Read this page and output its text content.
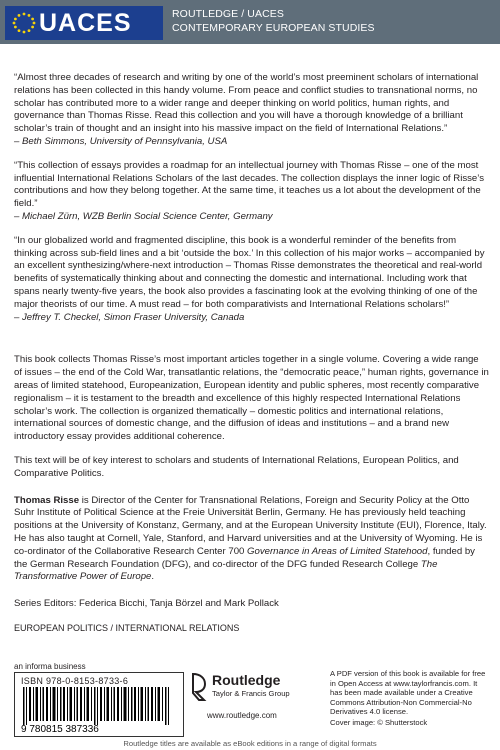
UACES	ROUTLEDGE / UACES
CONTEMPORARY EUROPEAN STUDIES

“Almost three decades of research and writing by one of the world’s most preeminent scholars of international relations has been collected in this handy volume. From peace and conflict studies to transnational norms, no scholar has contributed more to a wider range and deeper thinking on world politics, human rights, and governance than Thomas Risse. Read this collection and you will have a thorough knowledge of a brilliant scholar’s train of thought and an insight into his massive impact on the field of International Relations.”

– Beth Simmons, University of Pennsylvania, USA

“This collection of essays provides a roadmap for an intellectual journey with Thomas Risse – one of the most influential International Relations Scholars of the last decades. The collection displays the inner logic of Risse’s contributions and how they belong together. At the same time, it teaches us a lot about the development of the field.”

– Michael Zürn, WZB Berlin Social Science Center, Germany

“In our globalized world and fragmented discipline, this book is a wonderful reminder of the benefits from thinking across sub-field lines and a bit ‘outside the box.’ In this collection of his major works – accompanied by an excellent synthesizing/where-next introduction – Thomas Risse demonstrates the theoretical and real-world benefits of systematically thinking about and connecting the domestic and international. Including work that spans nearly twenty-five years, the book also provides a fascinating look at the evolving thinking of one of the major theorists of our time. A must read – for both comparativists and International Relations scholars!”

– Jeffrey T. Checkel, Simon Fraser University, Canada

This book collects Thomas Risse’s most important articles together in a single volume. Covering a wide range of issues – the end of the Cold War, transatlantic relations, the “democratic peace,” human rights, governance in areas of limited statehood, Europeanization, European identity and public spheres, most recently comparative regionalism – it is testament to the breadth and excellence of this highly respected International Relations scholar’s work. The collection is organized thematically – domestic politics and international relations, international sources of domestic change, and the diffusion of ideas and institutions – and a brand new introductory essay provides additional coherence.

This text will be of key interest to scholars and students of International Relations, European Politics, and Comparative Politics.

Thomas Risse is Director of the Center for Transnational Relations, Foreign and Security Policy at the Otto Suhr Institute of Political Science at the Freie Universität Berlin, Germany. He has previously held teaching positions at the University of Konstanz, Germany, and at the European University Institute (EUI), Florence, Italy. He has also taught at Cornell, Yale, Stanford, and Harvard universities and at the University of Wyoming. He is co-ordinator of the Collaborative Research Center 700 Governance in Areas of Limited Statehood, funded by the German Research Foundation (DFG), and co-director of the DFG funded Research College The Transformative Power of Europe.

Series Editors: Federica Bicchi, Tanja Börzel and Mark Pollack

EUROPEAN POLITICS / INTERNATIONAL RELATIONS

an informa business
ISBN 978-0-8153-8733-6
9 780815 387336
Routledge
Taylor & Francis Group
www.routledge.com
A PDF version of this book is available for free in Open Access at www.taylorfrancis.com. It has been made available under a Creative Commons Attribution-Non Commercial-No Derivatives 4.0 license.
Cover image: © Shutterstock
Routledge titles are available as eBook editions in a range of digital formats
